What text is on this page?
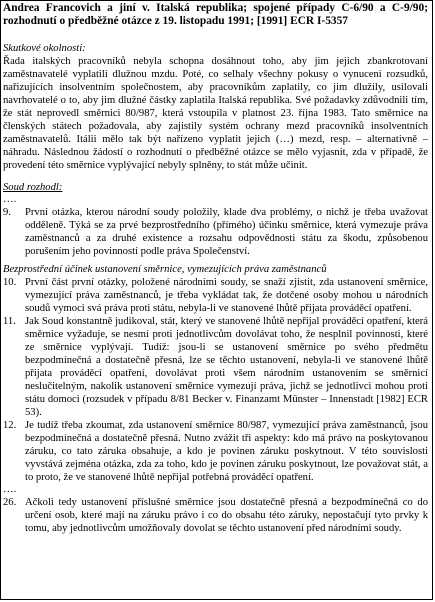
Andrea Francovich a jiní v. Italská republika; spojené případy C-6/90 a C-9/90; rozhodnutí o předběžné otázce z 19. listopadu 1991; [1991] ECR I-5357

Skutkové okolnosti:

Řada italských pracovníků nebyla schopna dosáhnout toho, aby jim jejich zbankrotovaní zaměstnavatelé vyplatili dlužnou mzdu. Poté, co selhaly všechny pokusy o vynucení rozsudků, nařizujících insolventním společnostem, aby pracovníkům zaplatily, co jim dlužily, usilovali navrhovatelé o to, aby jim dlužné částky zaplatila Italská republika. Své požadavky zdůvodnili tím, že stát neprovedl směrnici 80/987, která vstoupila v platnost 23. října 1983. Tato směrnice na členských státech požadovala, aby zajistily systém ochrany mezd pracovníků insolventních zaměstnavatelů. Itálii mělo tak být nařízeno vyplatit jejich (…) mezd, resp. – alternativně – náhradu. Následnou žádostí o rozhodnutí o předběžné otázce se mělo vyjasnit, zda v případě, že provedení této směrnice vyplývající nebyly splněny, to stát může učinit.

Soud rozhodl:

….

9.	První otázka, kterou národní soudy položily, klade dva problémy, o nichž je třeba uvažovat odděleně. Týká se za prvé bezprostředního (přímého) účinku směrnice, která vymezuje práva zaměstnanců a za druhé existence a rozsahu odpovědnosti státu za škodu, způsobenou porušením jeho povinností podle práva Společenství.

Bezprostřední účinek ustanovení směrnice, vymezujících práva zaměstnanců

10. První část první otázky, položené národními soudy, se snaží zjistit, zda ustanovení směrnice, vymezující práva zaměstnanců, je třeba vykládat tak, že dotčené osoby mohou u národních soudů vymoci svá práva proti státu, nebyla-li ve stanovené lhůtě přijata prováděcí opatření.
11. Jak Soud konstantně judikoval, stát, který ve stanovené lhůtě nepřijal prováděcí opatření, která směrnice vyžaduje, se nesmí proti jednotlivcům dovolávat toho, že nesplnil povinnosti, které ze směrnice vyplývají. Tudíž: jsou-li se ustanovení směrnice po svého předmětu bezpodmínečná a dostatečně přesná, lze se těchto ustanovení, nebyla-li ve stanovené lhůtě přijata prováděcí opatření, dovolávat proti všem národním ustanovením se směrnicí neslučitelným, nakolik ustanovení směrnice vymezují práva, jichž se jednotlivci mohou proti státu domoci (rozsudek v případu 8/81 Becker v. Finanzamt Münster – Innenstadt [1982] ECR 53).
12. Je tudíž třeba zkoumat, zda ustanovení směrnice 80/987, vymezující práva zaměstnanců, jsou bezpodmínečná a dostatečně přesná. Nutno zvážit tři aspekty: kdo má právo na poskytovanou záruku, co tato záruka obsahuje, a kdo je povinen záruku poskytnout. V této souvislosti vyvstává zejména otázka, zda za toho, kdo je povinen záruku poskytnout, lze považovat stát, a to proto, že ve stanovené lhůtě nepřijal potřebná prováděcí opatření.

….

26. Ačkoli tedy ustanovení příslušné směrnice jsou dostatečně přesná a bezpodmínečná co do určení osob, které mají na záruku právo i co do obsahu této záruky, nepostačují tyto prvky k tomu, aby jednotlivcům umožňovaly dovolat se těchto ustanovení před národními soudy.
